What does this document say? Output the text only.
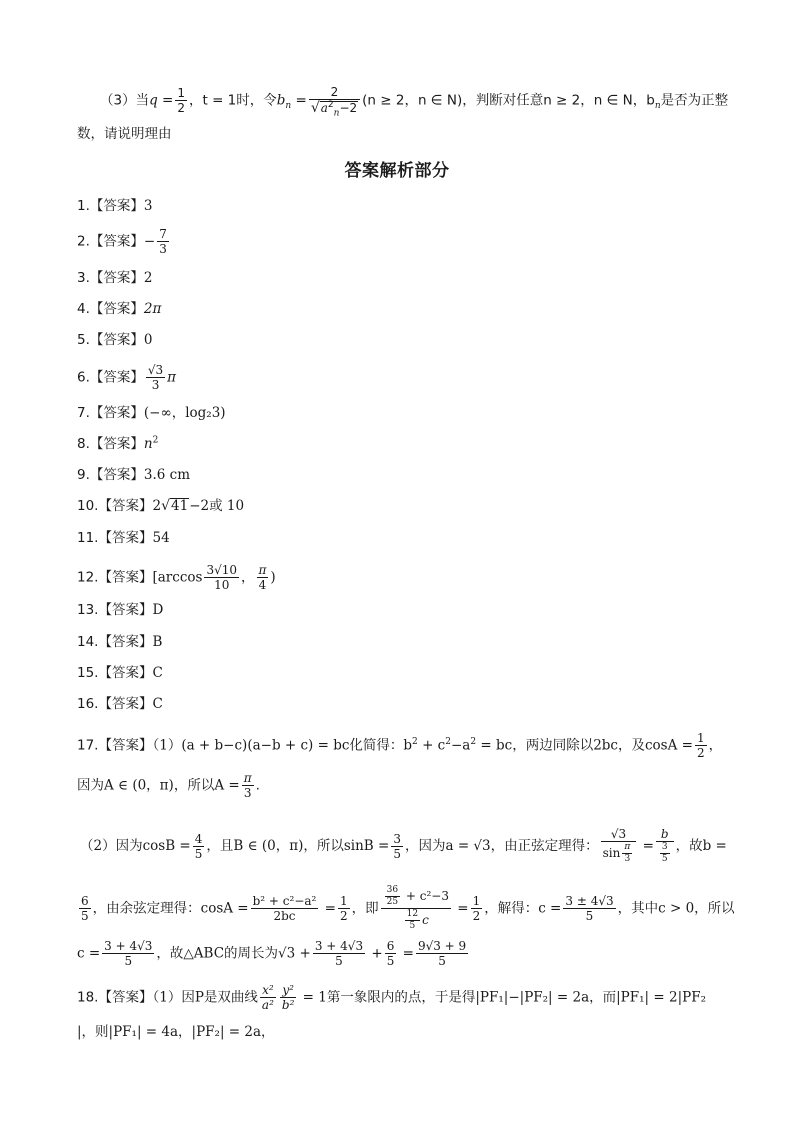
（3）当$q = \frac{1}{2}$ ，t = 1时，令$b_n = \frac{2}{√a^2_n-2} (n \ge 2$，n ∈ N)，判断对任意n ≥ 2，n ∈ N，$b_n$是否为正整
数，请说明理由
答案解析部分
1.【答案】3
2.【答案】− $\frac{7}{3}$
3.【答案】2
4.【答案】2π
5.【答案】0
6.【答案】 $\frac{√3}{3}$ π
7.【答案】(−∞，log₂3)
8.【答案】$n^2$
9.【答案】3.6 cm
10.【答案】2√41−2或 10
11.【答案】54
12.【答案】[$\arccos \frac{3√10}{10}$ ， $\frac{\pi}{4}$ )
13.【答案】D
14.【答案】B
15.【答案】C
16.【答案】C
17.【答案】（1）(a + b−c)(a−b + c) = bc化简得：$b^2 + c^2-a^2$ = bc，两边同除以2bc，及$\cos A = \frac{1}{2}$ ，
因为A ∈ (0，π)，所以$A = \frac{\pi}{3}$ .
（2）因为$\cos B = \frac{4}{5}$ ，且B ∈ (0，π)，所以$\sin B = \frac{3}{5}$ ，因为a = √3，由正弦定理得： $\frac{√3}{\sin \frac{\pi}{3}} = \frac{b}{\frac{3}{5}}$ ，故b =
$\frac{6}{5}$ ，由余弦定理得：$\cos A = \frac{\text{b² + c²−a²}}{2bc} = \frac{1}{2}$ ，即 $\frac{\frac{36}{25} + c^2-3}{\frac{12}{5} c} = \frac{1}{2}$ ，解得：$c = \frac{3 \pm 4√3}{5}$ ，其中c > 0，所以
$c = \frac{3 + 4√3}{5}$ ，故△ABC的周长为$√3 + \frac{3 + 4√3}{5} + \frac{6}{5} = \frac{9√3 + 9}{5}$
18.【答案】（1）因P是双曲线 $\frac{\text{x²}}{\text{a²}} \frac{\text{y²}}{\text{b²}} = 1$第一象限内的点，于是得|PF₁|−|PF₂| = 2a，而|PF₁| = 2|PF₂
|，则|PF₁| = 4a，|PF₂| = 2a，
